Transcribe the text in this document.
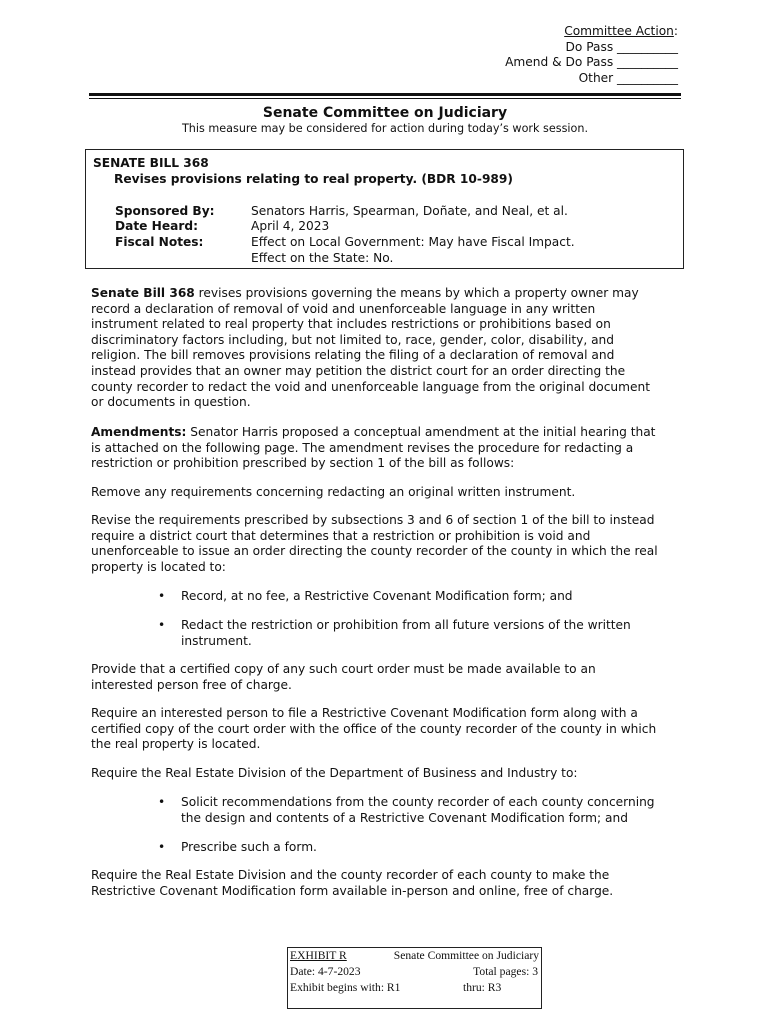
Committee Action:
Do Pass __________
Amend & Do Pass __________
Other __________
Senate Committee on Judiciary
This measure may be considered for action during today’s work session.
SENATE BILL 368
Revises provisions relating to real property. (BDR 10-989)
Sponsored By:	Senators Harris, Spearman, Doñate, and Neal, et al.
Date Heard:	April 4, 2023
Fiscal Notes:	Effect on Local Government: May have Fiscal Impact.
Effect on the State: No.
Senate Bill 368 revises provisions governing the means by which a property owner may
record a declaration of removal of void and unenforceable language in any written
instrument related to real property that includes restrictions or prohibitions based on
discriminatory factors including, but not limited to, race, gender, color, disability, and
religion. The bill removes provisions relating the filing of a declaration of removal and
instead provides that an owner may petition the district court for an order directing the
county recorder to redact the void and unenforceable language from the original document
or documents in question.
Amendments: Senator Harris proposed a conceptual amendment at the initial hearing that
is attached on the following page. The amendment revises the procedure for redacting a
restriction or prohibition prescribed by section 1 of the bill as follows:
Remove any requirements concerning redacting an original written instrument.
Revise the requirements prescribed by subsections 3 and 6 of section 1 of the bill to instead
require a district court that determines that a restriction or prohibition is void and
unenforceable to issue an order directing the county recorder of the county in which the real
property is located to:
• Record, at no fee, a Restrictive Covenant Modification form; and
• Redact the restriction or prohibition from all future versions of the written
instrument.
Provide that a certified copy of any such court order must be made available to an
interested person free of charge.
Require an interested person to file a Restrictive Covenant Modification form along with a
certified copy of the court order with the office of the county recorder of the county in which
the real property is located.
Require the Real Estate Division of the Department of Business and Industry to:
• Solicit recommendations from the county recorder of each county concerning
the design and contents of a Restrictive Covenant Modification form; and
• Prescribe such a form.
Require the Real Estate Division and the county recorder of each county to make the
Restrictive Covenant Modification form available in-person and online, free of charge.
EXHIBIT R	Senate Committee on Judiciary
Date: 4-7-2023	Total pages: 3
Exhibit begins with: R1	thru: R3
